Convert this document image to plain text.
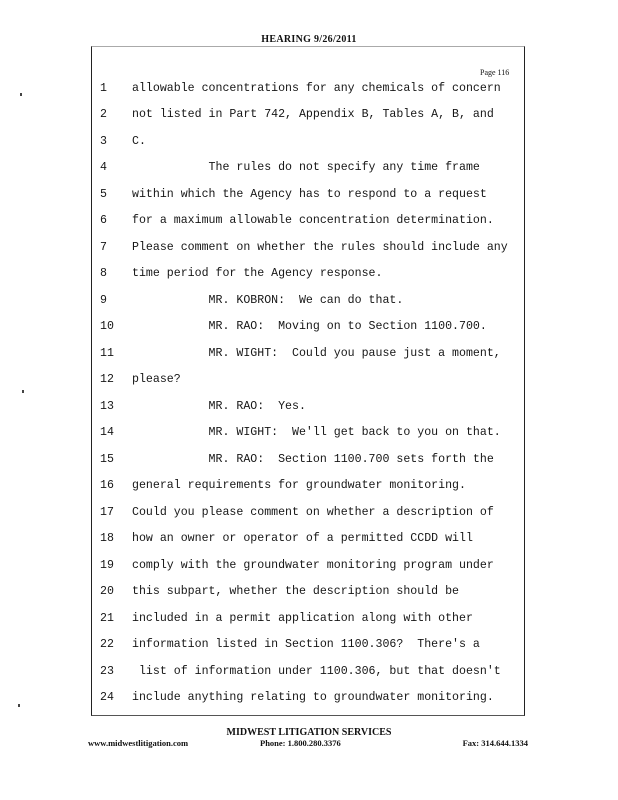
HEARING 9/26/2011
Page 116
1	allowable concentrations for any chemicals of concern
2	not listed in Part 742, Appendix B, Tables A, B, and
3	C.
4	The rules do not specify any time frame
5	within which the Agency has to respond to a request
6	for a maximum allowable concentration determination.
7	Please comment on whether the rules should include any
8	time period for the Agency response.
9	MR. KOBRON:  We can do that.
10	MR. RAO:  Moving on to Section 1100.700.
11	MR. WIGHT:  Could you pause just a moment,
12	please?
13	MR. RAO:  Yes.
14	MR. WIGHT:  We'll get back to you on that.
15	MR. RAO:  Section 1100.700 sets forth the
16	general requirements for groundwater monitoring.
17	Could you please comment on whether a description of
18	how an owner or operator of a permitted CCDD will
19	comply with the groundwater monitoring program under
20	this subpart, whether the description should be
21	included in a permit application along with other
22	information listed in Section 1100.306?  There's a
23	list of information under 1100.306, but that doesn't
24	include anything relating to groundwater monitoring.
MIDWEST LITIGATION SERVICES
www.midwestlitigation.com	Phone: 1.800.280.3376	Fax: 314.644.1334
